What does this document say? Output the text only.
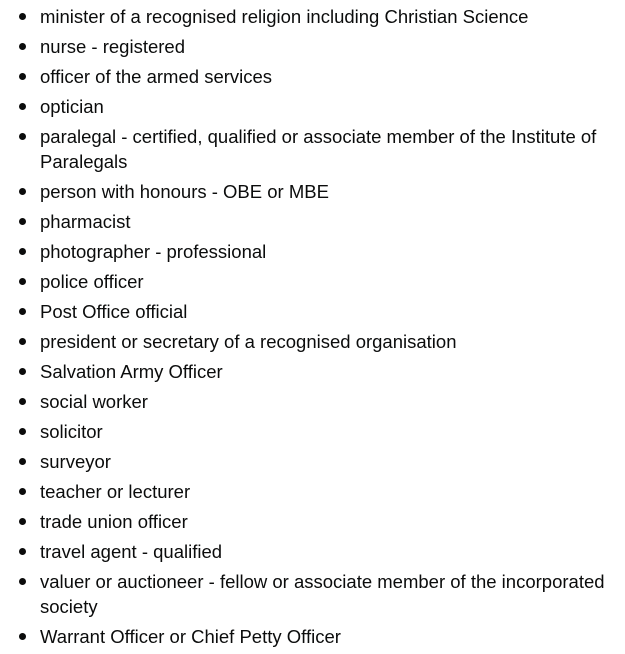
minister of a recognised religion including Christian Science
nurse - registered
officer of the armed services
optician
paralegal - certified, qualified or associate member of the Institute of Paralegals
person with honours - OBE or MBE
pharmacist
photographer - professional
police officer
Post Office official
president or secretary of a recognised organisation
Salvation Army Officer
social worker
solicitor
surveyor
teacher or lecturer
trade union officer
travel agent - qualified
valuer or auctioneer - fellow or associate member of the incorporated society
Warrant Officer or Chief Petty Officer
